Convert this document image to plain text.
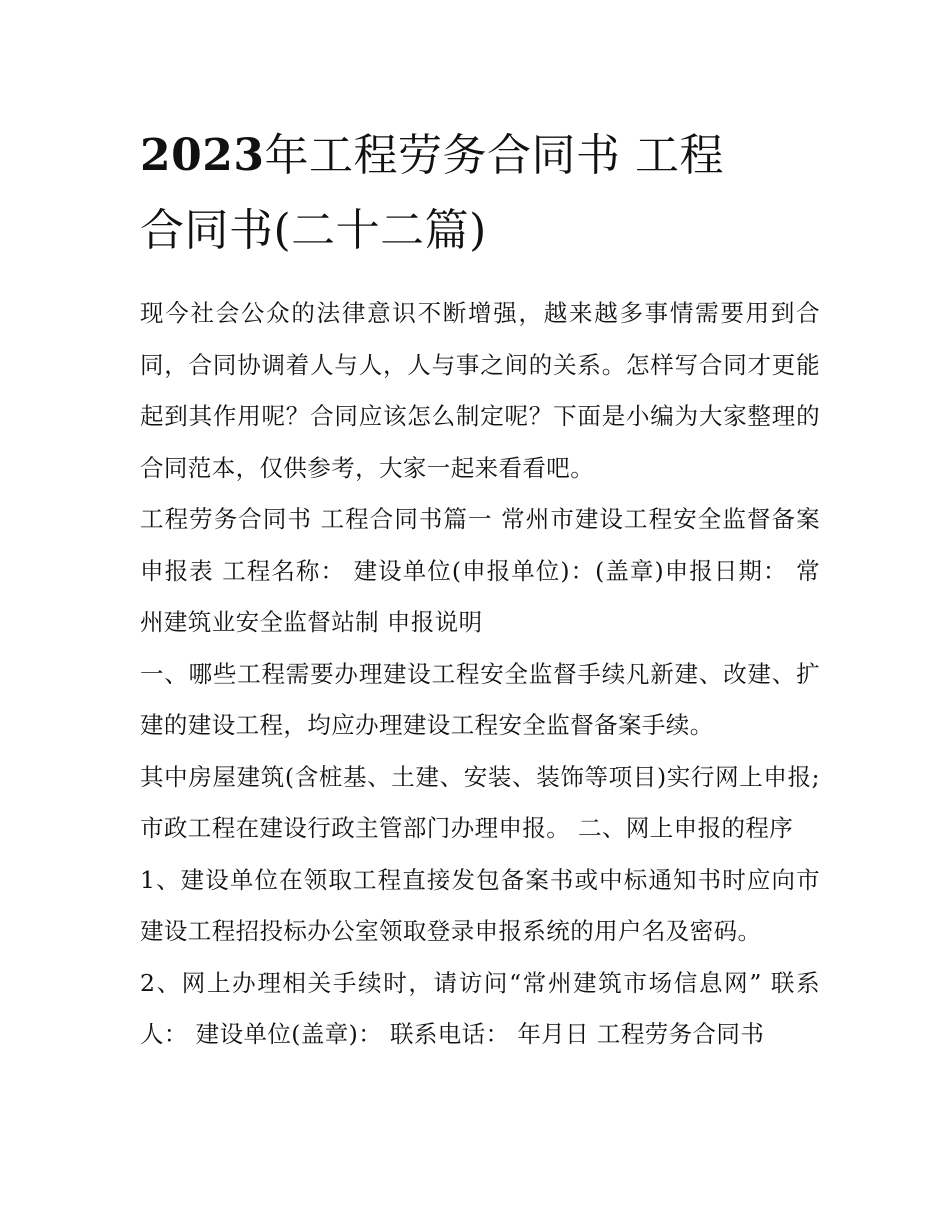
2023年工程劳务合同书 工程
合同书(二十二篇)

现今社会公众的法律意识不断增强，越来越多事情需要用到合同，合同协调着人与人，人与事之间的关系。怎样写合同才更能起到其作用呢？合同应该怎么制定呢？下面是小编为大家整理的合同范本，仅供参考，大家一起来看看吧。

工程劳务合同书 工程合同书篇一 常州市建设工程安全监督备案 申报表 工程名称： 建设单位(申报单位)：(盖章)申报日期： 常州建筑业安全监督站制 申报说明

一、哪些工程需要办理建设工程安全监督手续凡新建、改建、扩建的建设工程，均应办理建设工程安全监督备案手续。

其中房屋建筑(含桩基、土建、安装、装饰等项目)实行网上申报;市政工程在建设行政主管部门办理申报。 二、网上申报的程序

1、建设单位在领取工程直接发包备案书或中标通知书时应向市建设工程招投标办公室领取登录申报系统的用户名及密码。

2、网上办理相关手续时，请访问“常州建筑市场信息网” 联系人： 建设单位(盖章)： 联系电话： 年月日 工程劳务合同书
